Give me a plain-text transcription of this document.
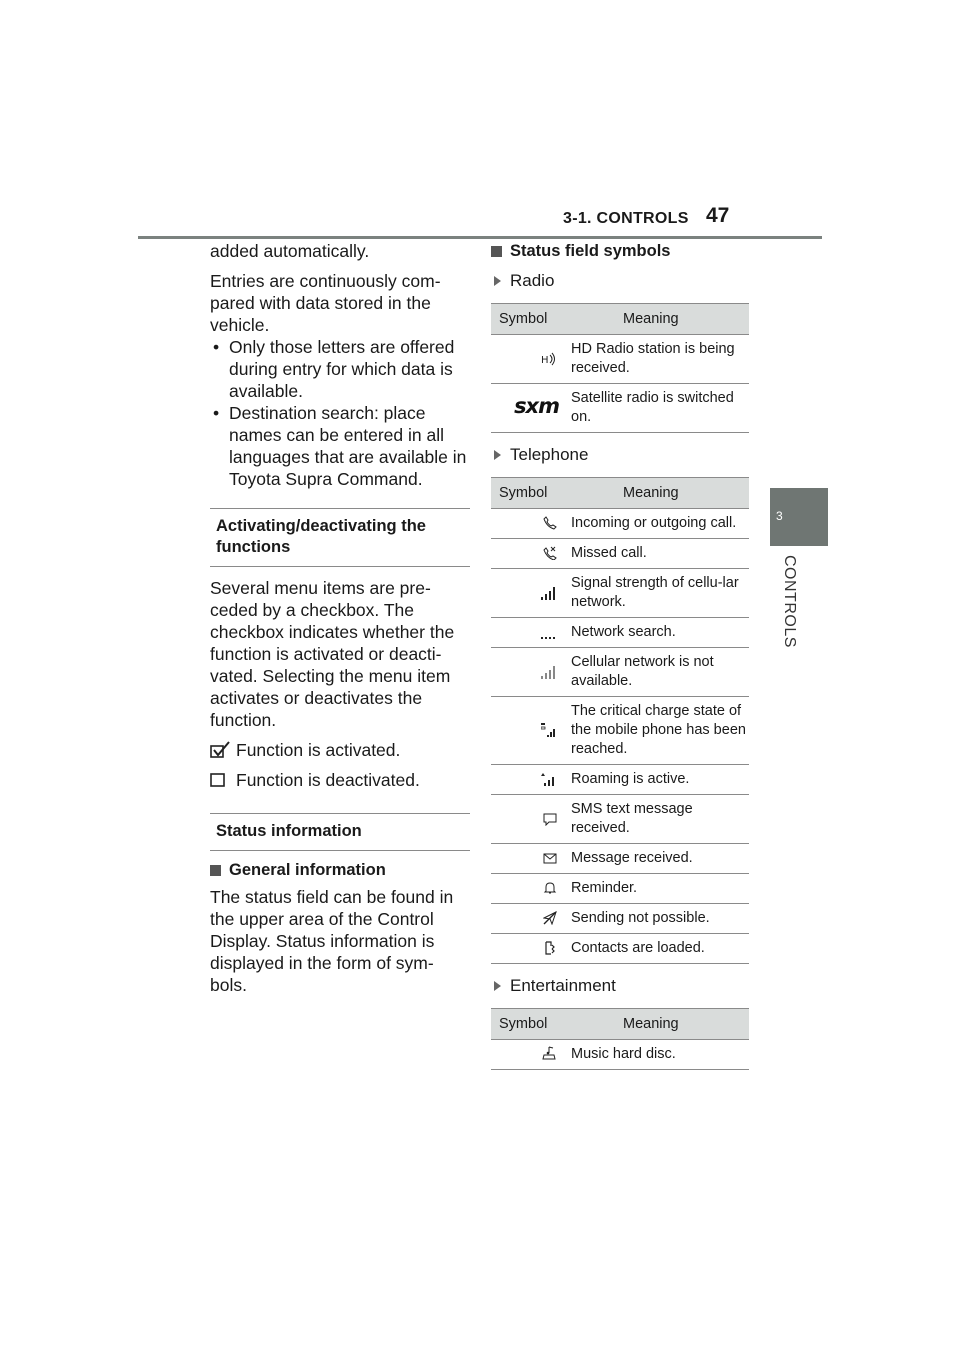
3-1. CONTROLS 47
3
CONTROLS

added automatically.

Entries are continuously com-pared with data stored in the vehicle.

• Only those letters are offered during entry for which data is available.
• Destination search: place names can be entered in all languages that are available in Toyota Supra Command.
Activating/deactivating the functions

Several menu items are pre-ceded by a checkbox. The checkbox indicates whether the function is activated or deacti-vated. Selecting the menu item activates or deactivates the function.

Function is activated.
Function is deactivated.
Status information
General information

The status field can be found in the upper area of the Control Display. Status information is displayed in the form of sym-bols.

Status field symbols
Radio
Symbol	Meaning

H	HD Radio station is being received.
sxm	Satellite radio is switched on.
Telephone
Symbol	Meaning
	Incoming or outgoing call.
	Missed call.
	Signal strength of cellu-lar network.
	Network search.
	Cellular network is not available.
	The critical charge state of the mobile phone has been reached.
	Roaming is active.
	SMS text message received.
	Message received.
	Reminder.
	Sending not possible.
	Contacts are loaded.
Entertainment
Symbol	Meaning
	Music hard disc.
